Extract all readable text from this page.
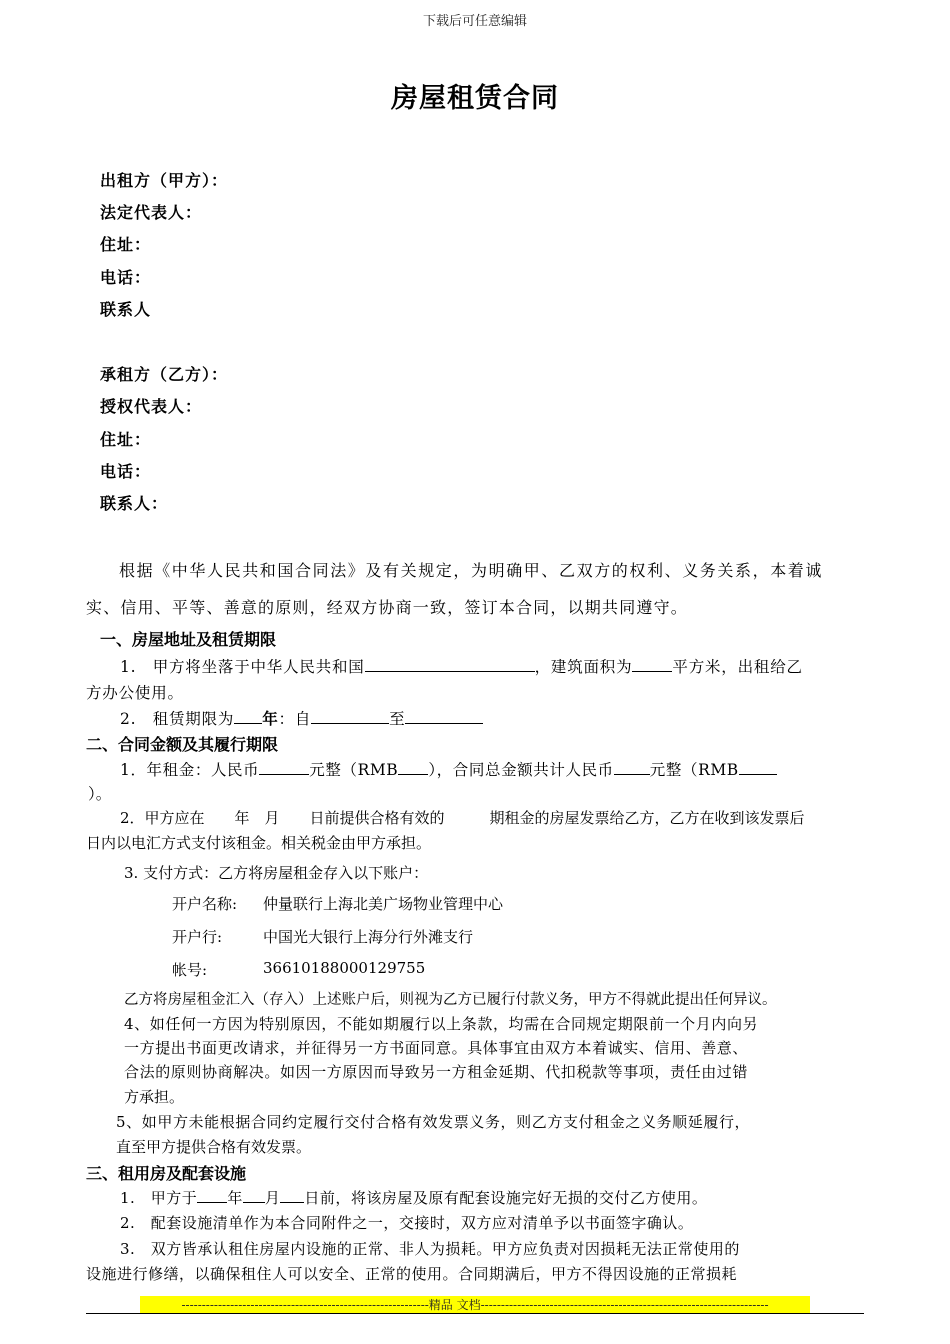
下载后可任意编辑
房屋租赁合同
出租方（甲方）：
法定代表人：
住址：
电话：
联系人
承租方（乙方）：
授权代表人：
住址：
电话：
联系人：
根据《中华人民共和国合同法》及有关规定，为明确甲、乙双方的权利、义务关系，本着诚
实、信用、平等、善意的原则，经双方协商一致，签订本合同，以期共同遵守。
一、房屋地址及租赁期限
1.　甲方将坐落于中华人民共和国	，建筑面积为	平方米，出租给乙
方办公使用。
2.　租赁期限为 年：自	至
二、合同金额及其履行期限
1．年租金：人民币	元整（RMB ），合同总金额共计人民币 元整（RMB
）。
2．甲方应在　　年　月　　日前提供合格有效的　　　期租金的房屋发票给乙方，乙方在收到该发票后
日内以电汇方式支付该租金。相关税金由甲方承担。
3. 支付方式：乙方将房屋租金存入以下账户：
开户名称: 仲量联行上海北美广场物业管理中心
开户行:	中国光大银行上海分行外滩支行
帐号:	36610188000129755
乙方将房屋租金汇入（存入）上述账户后，则视为乙方已履行付款义务，甲方不得就此提出任何异议。
4、如任何一方因为特别原因，不能如期履行以上条款，均需在合同规定期限前一个月内向另
一方提出书面更改请求，并征得另一方书面同意。具体事宜由双方本着诚实、信用、善意、
合法的原则协商解决。如因一方原因而导致另一方租金延期、代扣税款等事项，责任由过错
方承担。
5、如甲方未能根据合同约定履行交付合格有效发票义务，则乙方支付租金之义务顺延履行，
直至甲方提供合格有效发票。
三、租用房及配套设施
1.　甲方于 年 月 日前，将该房屋及原有配套设施完好无损的交付乙方使用。
2.　配套设施清单作为本合同附件之一，交接时，双方应对清单予以书面签字确认。
3.　双方皆承认租住房屋内设施的正常、非人为损耗。甲方应负责对因损耗无法正常使用的
设施进行修缮，以确保租住人可以安全、正常的使用。合同期满后，甲方不得因设施的正常损耗
-------------------------------------------------------------精品 文档-----------------------------------------------------------------------
